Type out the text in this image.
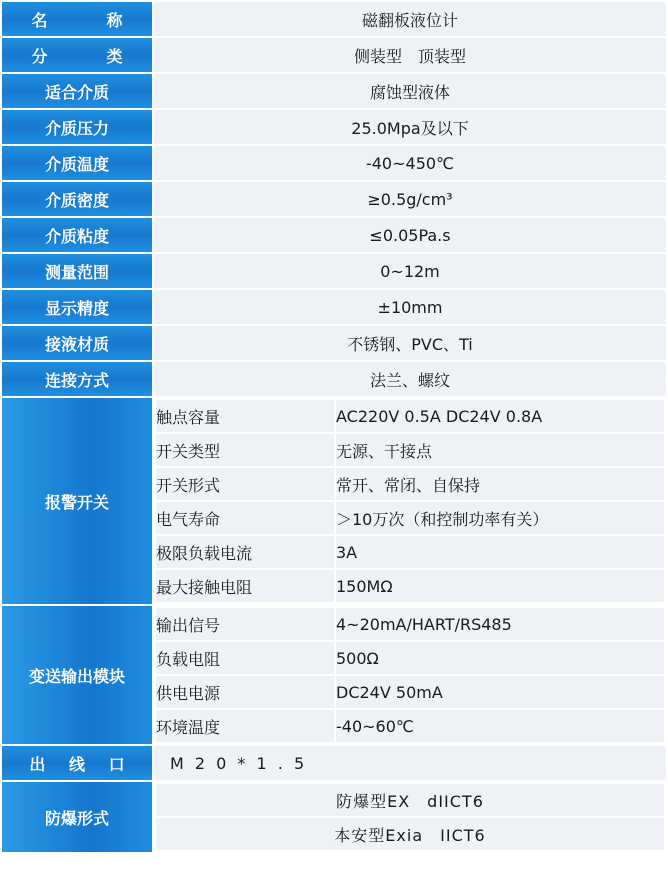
名　　称	磁翻板液位计
分　　类	侧装型　顶装型
适合介质	腐蚀型液体
介质压力	25.0Mpa及以下
介质温度	-40~450℃
介质密度	≥0.5g/cm³
介质粘度	≤0.05Pa.s
测量范围	0~12m
显示精度	±10mm
接液材质	不锈钢、PVC、Ti
连接方式	法兰、螺纹
报警开关	
触点容量	AC220V 0.5A DC24V 0.8A
开关类型	无源、干接点
开关形式	常开、常闭、自保持
电气寿命	＞10万次（和控制功率有关）
极限负载电流	3A
最大接触电阻	150MΩ

变送输出模块	
输出信号	4~20mA/HART/RS485
负载电阻	500Ω
供电电源	DC24V 50mA
环境温度	-40~60℃

出 线 口	M 2 0 * 1 . 5
防爆形式	
防爆型EX　dIICT6
本安型Exia　IICT6
